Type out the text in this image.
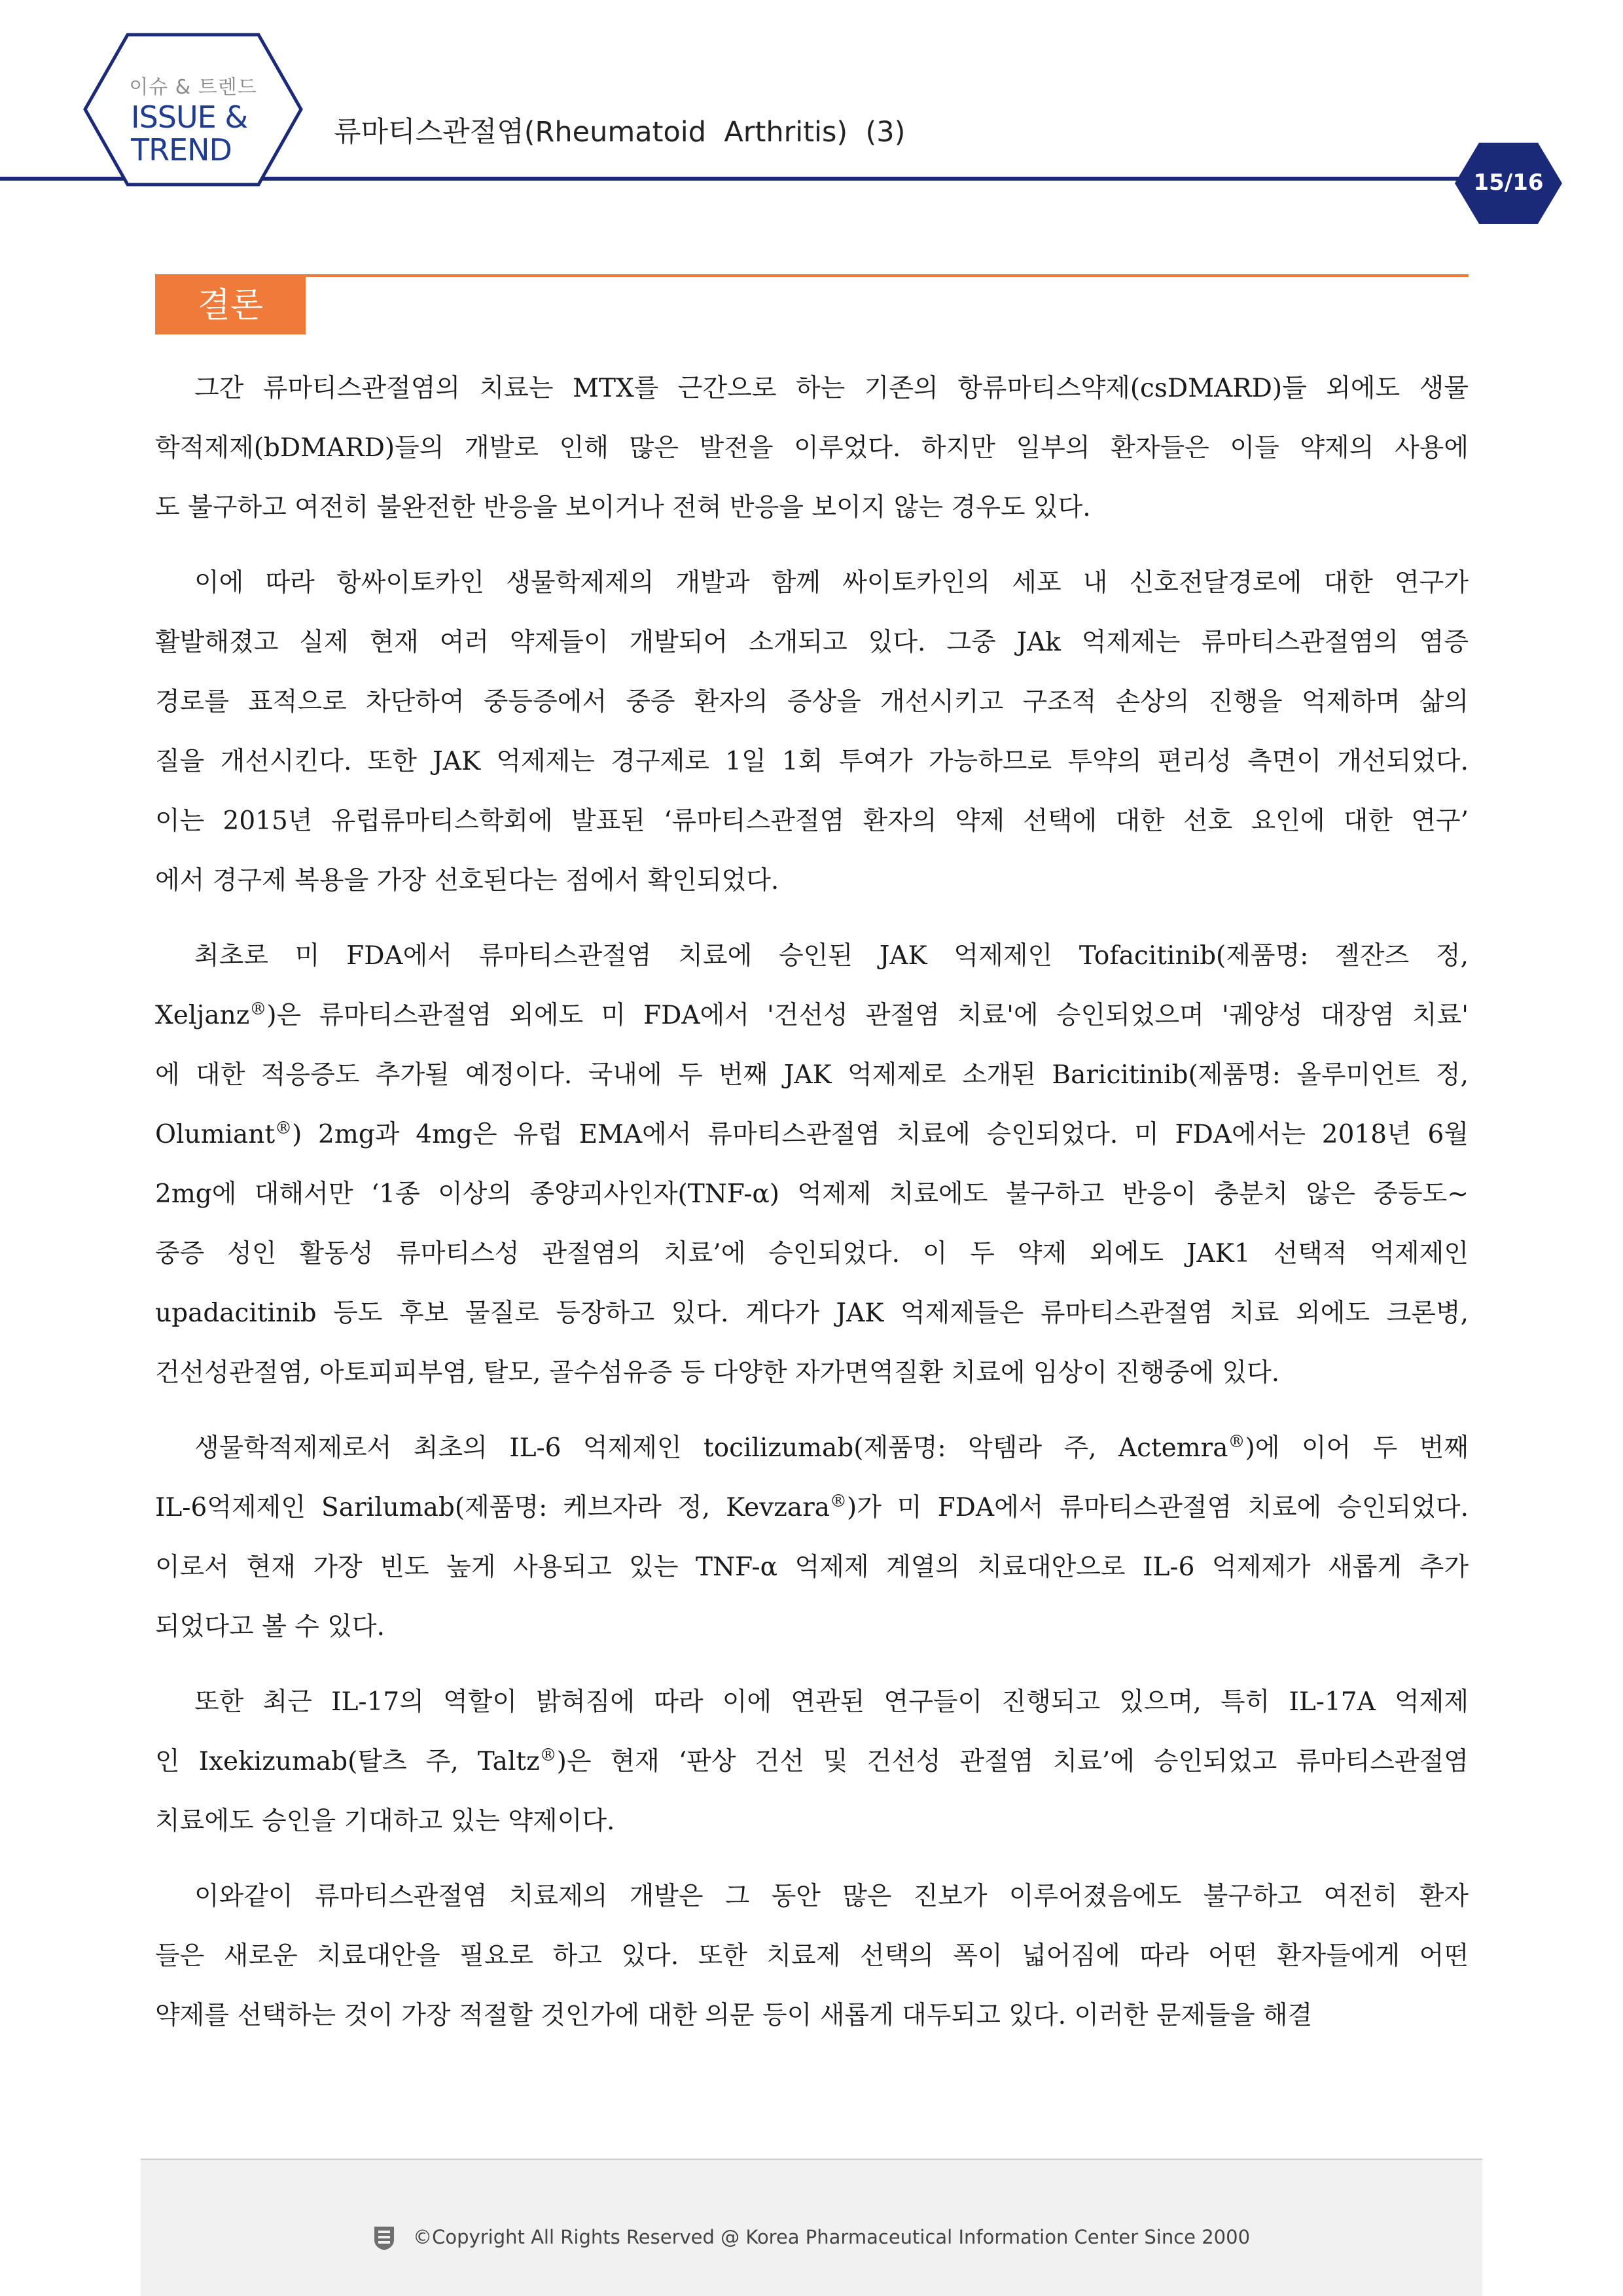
이슈 & 트렌드
ISSUE &
TREND	류마티스관절염(Rheumatoid  Arthritis)  (3)
15/16
결론
그간 류마티스관절염의 치료는 MTX를 근간으로 하는 기존의 항류마티스약제(csDMARD)들 외에도 생물
학적제제(bDMARD)들의 개발로 인해 많은 발전을 이루었다. 하지만 일부의 환자들은 이들 약제의 사용에
도 불구하고 여전히 불완전한 반응을 보이거나 전혀 반응을 보이지 않는 경우도 있다.
이에 따라 항싸이토카인 생물학제제의 개발과 함께 싸이토카인의 세포 내 신호전달경로에 대한 연구가
활발해졌고 실제 현재 여러 약제들이 개발되어 소개되고 있다. 그중 JAk 억제제는 류마티스관절염의 염증
경로를 표적으로 차단하여 중등증에서 중증 환자의 증상을 개선시키고 구조적 손상의 진행을 억제하며 삶의
질을 개선시킨다. 또한 JAK 억제제는 경구제로 1일 1회 투여가 가능하므로 투약의 편리성 측면이 개선되었다.
이는 2015년 유럽류마티스학회에 발표된 ‘류마티스관절염 환자의 약제 선택에 대한 선호 요인에 대한 연구’
에서 경구제 복용을 가장 선호된다는 점에서 확인되었다.
최초로 미 FDA에서 류마티스관절염 치료에 승인된 JAK 억제제인 Tofacitinib(제품명: 젤잔즈 정,
Xeljanz®)은 류마티스관절염 외에도 미 FDA에서 '건선성 관절염 치료'에 승인되었으며 '궤양성 대장염 치료'
에 대한 적응증도 추가될 예정이다. 국내에 두 번째 JAK 억제제로 소개된 Baricitinib(제품명: 올루미언트 정,
Olumiant®) 2mg과 4mg은 유럽 EMA에서 류마티스관절염 치료에 승인되었다. 미 FDA에서는 2018년 6월
2mg에 대해서만 ‘1종 이상의 종양괴사인자(TNF-α) 억제제 치료에도 불구하고 반응이 충분치 않은 중등도~
중증 성인 활동성 류마티스성 관절염의 치료’에 승인되었다. 이 두 약제 외에도 JAK1 선택적 억제제인
upadacitinib 등도 후보 물질로 등장하고 있다. 게다가 JAK 억제제들은 류마티스관절염 치료 외에도 크론병,
건선성관절염, 아토피피부염, 탈모, 골수섬유증 등 다양한 자가면역질환 치료에 임상이 진행중에 있다.
생물학적제제로서 최초의 IL-6 억제제인 tocilizumab(제품명: 악템라 주, Actemra®)에 이어 두 번째
IL-6억제제인 Sarilumab(제품명: 케브자라 정, Kevzara®)가 미 FDA에서 류마티스관절염 치료에 승인되었다.
이로서 현재 가장 빈도 높게 사용되고 있는 TNF-α 억제제 계열의 치료대안으로 IL-6 억제제가 새롭게 추가
되었다고 볼 수 있다.
또한 최근 IL-17의 역할이 밝혀짐에 따라 이에 연관된 연구들이 진행되고 있으며, 특히 IL-17A 억제제
인 Ixekizumab(탈츠 주, Taltz®)은 현재 ‘판상 건선 및 건선성 관절염 치료’에 승인되었고 류마티스관절염
치료에도 승인을 기대하고 있는 약제이다.
이와같이 류마티스관절염 치료제의 개발은 그 동안 많은 진보가 이루어졌음에도 불구하고 여전히 환자
들은 새로운 치료대안을 필요로 하고 있다. 또한 치료제 선택의 폭이 넓어짐에 따라 어떤 환자들에게 어떤
약제를 선택하는 것이 가장 적절할 것인가에 대한 의문 등이 새롭게 대두되고 있다. 이러한 문제들을 해결
©Copyright All Rights Reserved @ Korea Pharmaceutical Information Center Since 2000
